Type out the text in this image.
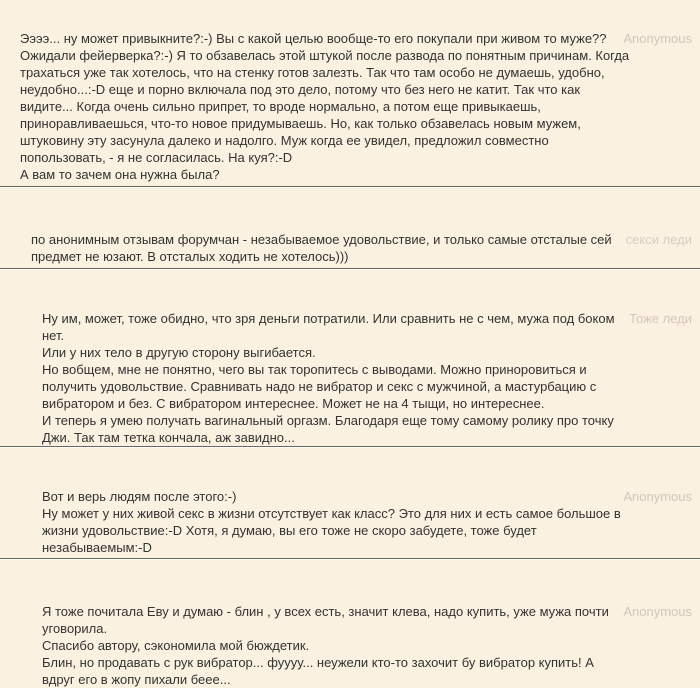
Ээээ... ну может привыкните?:-) Вы с какой целью вообще-то его покупали при живом то муже??
Ожидали фейерверка?:-) Я то обзавелась этой штукой после развода по понятным причинам. Когда
трахаться уже так хотелось, что на стенку готов залезть. Так что там особо не думаешь, удобно,
неудобно...:-D еще и порно включала под это дело, потому что без него не катит. Так что как
видите... Когда очень сильно припрет, то вроде нормально, а потом еще привыкаешь,
приноравливаешься, что-то новое придумываешь. Но, как только обзавелась новым мужем,
штуковину эту засунула далеко и надолго. Муж когда ее увидел, предложил совместно
попользовать, - я не согласилась. На куя?:-D
А вам то зачем она нужна была?
Anonymous
по анонимным отзывам форумчан - незабываемое удовольствие, и только самые отсталые сей
предмет не юзают. В отсталых ходить не хотелось)))
секси леди
Ну им, может, тоже обидно, что зря деньги потратили. Или сравнить не с чем, мужа под боком
нет.
Или у них тело в другую сторону выгибается.
Но вобщем, мне не понятно, чего вы так торопитесь с выводами. Можно приноровиться и
получить удовольствие. Сравнивать надо не вибратор и секс с мужчиной, а мастурбацию с
вибратором и без. С вибратором интереснее. Может не на 4 тыщи, но интереснее.
И теперь я умею получать вагинальный оргазм. Благодаря еще тому самому ролику про точку
Джи. Так там тетка кончала, аж завидно...
Тоже леди
Вот и верь людям после этого:-)
Ну может у них живой секс в жизни отсутствует как класс? Это для них и есть самое большое в
жизни удовольствие:-D Хотя, я думаю, вы его тоже не скоро забудете, тоже будет
незабываемым:-D
Anonymous
Я тоже почитала Еву и думаю - блин , у всех есть, значит клева, надо купить, уже мужа почти
уговорила.
Спасибо автору, сэкономила мой бюждетик.
Блин, но продавать с рук вибратор... фуууу... неужели кто-то захочит бу вибратор купить! А
вдруг его в жопу пихали беее...
Anonymous
